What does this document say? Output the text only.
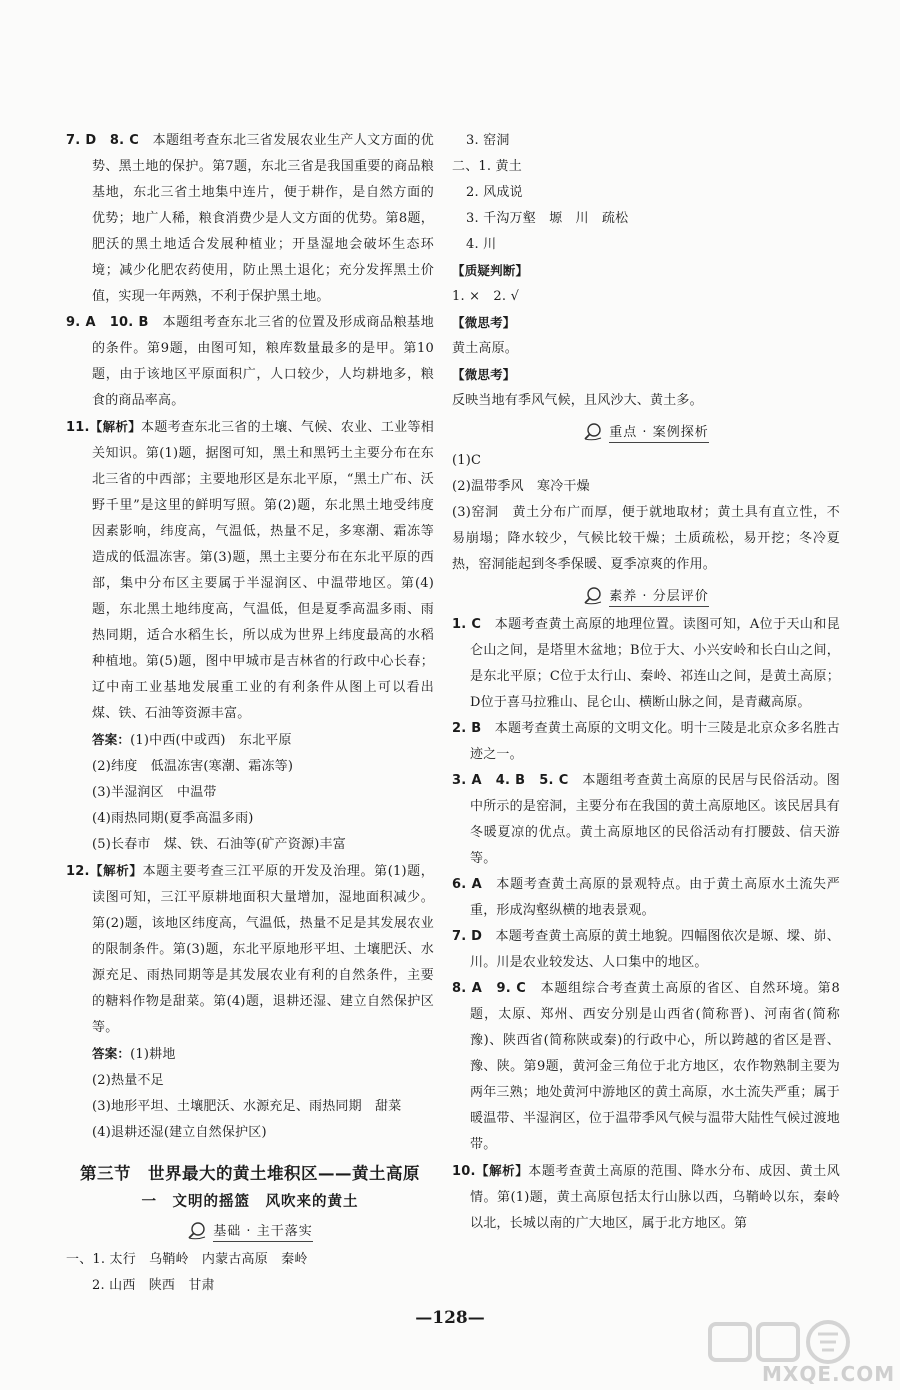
7. D　8. C　 本题组考查东北三省发展农业生产人文方面的优势、黑土地的保护。第7题，东北三省是我国重要的商品粮基地，东北三省土地集中连片，便于耕作，是自然方面的优势；地广人稀，粮食消费少是人文方面的优势。第8题，肥沃的黑土地适合发展种植业；开垦湿地会破坏生态环境；减少化肥农药使用，防止黑土退化；充分发挥黑土价值，实现一年两熟，不利于保护黑土地。

9. A　10. B　 本题组考查东北三省的位置及形成商品粮基地的条件。第9题，由图可知，粮库数量最多的是甲。第10题，由于该地区平原面积广，人口较少，人均耕地多，粮食的商品率高。

11.【解析】本题考查东北三省的土壤、气候、农业、工业等相关知识。第(1)题，据图可知，黑土和黑钙土主要分布在东北三省的中西部；主要地形区是东北平原，“黑土广布、沃野千里”是这里的鲜明写照。第(2)题，东北黑土地受纬度因素影响，纬度高，气温低，热量不足，多寒潮、霜冻等造成的低温冻害。第(3)题，黑土主要分布在东北平原的西部，集中分布区主要属于半湿润区、中温带地区。第(4)题，东北黑土地纬度高，气温低，但是夏季高温多雨、雨热同期，适合水稻生长，所以成为世界上纬度最高的水稻种植地。第(5)题，图中甲城市是吉林省的行政中心长春；辽中南工业基地发展重工业的有利条件从图上可以看出煤、铁、石油等资源丰富。

答案：(1)中西(中或西)　东北平原

(2)纬度　低温冻害(寒潮、霜冻等)

(3)半湿润区　中温带

(4)雨热同期(夏季高温多雨)

(5)长春市　煤、铁、石油等(矿产资源)丰富

12.【解析】本题主要考查三江平原的开发及治理。第(1)题，读图可知，三江平原耕地面积大量增加，湿地面积减少。第(2)题，该地区纬度高，气温低，热量不足是其发展农业的限制条件。第(3)题，东北平原地形平坦、土壤肥沃、水源充足、雨热同期等是其发展农业有利的自然条件，主要的糖料作物是甜菜。第(4)题，退耕还湿、建立自然保护区等。

答案：(1)耕地

(2)热量不足

(3)地形平坦、土壤肥沃、水源充足、雨热同期　甜菜

(4)退耕还湿(建立自然保护区)

第三节　世界最大的黄土堆积区——黄土高原
一　文明的摇篮　风吹来的黄土
基础 · 主干落实

一、1. 太行　乌鞘岭　内蒙古高原　秦岭

2. 山西　陕西　甘肃

3. 窑洞

二、1. 黄土

2. 风成说

3. 千沟万壑　塬　川　疏松

4. 川

【质疑判断】

1. ×　2. √

【微思考】

黄土高原。

【微思考】

反映当地有季风气候，且风沙大、黄土多。

重点 · 案例探析

(1)C

(2)温带季风　寒冷干燥

(3)窑洞　黄土分布广而厚，便于就地取材；黄土具有直立性，不易崩塌；降水较少，气候比较干燥；土质疏松，易开挖；冬冷夏热，窑洞能起到冬季保暖、夏季凉爽的作用。

素养 · 分层评价

1. C　 本题考查黄土高原的地理位置。读图可知，A位于天山和昆仑山之间，是塔里木盆地；B位于大、小兴安岭和长白山之间，是东北平原；C位于太行山、秦岭、祁连山之间，是黄土高原；D位于喜马拉雅山、昆仑山、横断山脉之间，是青藏高原。

2. B　 本题考查黄土高原的文明文化。明十三陵是北京众多名胜古迹之一。

3. A　4. B　5. C　 本题组考查黄土高原的民居与民俗活动。图中所示的是窑洞，主要分布在我国的黄土高原地区。该民居具有冬暖夏凉的优点。黄土高原地区的民俗活动有打腰鼓、信天游等。

6. A　 本题考查黄土高原的景观特点。由于黄土高原水土流失严重，形成沟壑纵横的地表景观。

7. D　 本题考查黄土高原的黄土地貌。四幅图依次是塬、墚、峁、川。川是农业较发达、人口集中的地区。

8. A　9. C　 本题组综合考查黄土高原的省区、自然环境。第8题，太原、郑州、西安分别是山西省(简称晋)、河南省(简称豫)、陕西省(简称陕或秦)的行政中心，所以跨越的省区是晋、豫、陕。第9题，黄河金三角位于北方地区，农作物熟制主要为两年三熟；地处黄河中游地区的黄土高原，水土流失严重；属于暖温带、半湿润区，位于温带季风气候与温带大陆性气候过渡地带。

10.【解析】本题考查黄土高原的范围、降水分布、成因、黄土风情。第(1)题，黄土高原包括太行山脉以西，乌鞘岭以东，秦岭以北，长城以南的广大地区，属于北方地区。第

—128—
MXQE.COM
